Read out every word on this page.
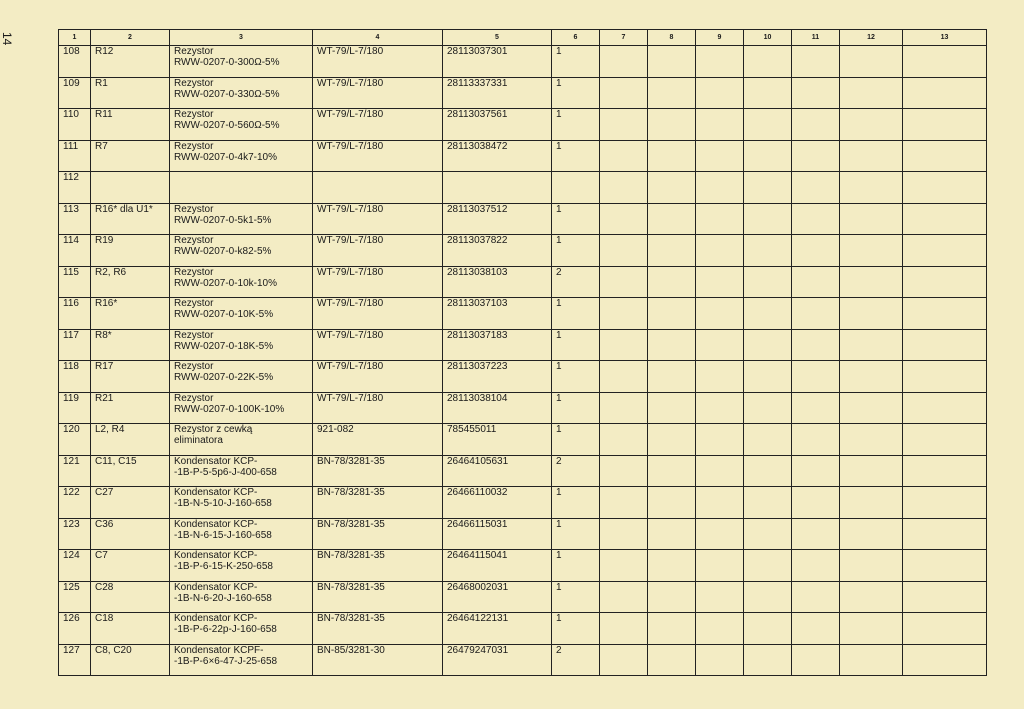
14	1	2	3	4	5	6	7	8	9	10	11	12	13
108	R12	Rezystor
RWW-0207-0-300Ω-5%	WT-79/L-7/180	28113037301	1							
109	R1	Rezystor
RWW-0207-0-330Ω-5%	WT-79/L-7/180	28113337331	1							
110	R11	Rezystor
RWW-0207-0-560Ω-5%	WT-79/L-7/180	28113037561	1							
111	R7	Rezystor
RWW-0207-0-4k7-10%	WT-79/L-7/180	28113038472	1							
112		

113	R16* dla U1*	Rezystor
RWW-0207-0-5k1-5%	WT-79/L-7/180	28113037512	1							
114	R19	Rezystor
RWW-0207-0-k82-5%	WT-79/L-7/180	28113037822	1							
115	R2, R6	Rezystor
RWW-0207-0-10k-10%	WT-79/L-7/180	28113038103	2							
116	R16*	Rezystor
RWW-0207-0-10K-5%	WT-79/L-7/180	28113037103	1							
117	R8*	Rezystor
RWW-0207-0-18K-5%	WT-79/L-7/180	28113037183	1							
118	R17	Rezystor
RWW-0207-0-22K-5%	WT-79/L-7/180	28113037223	1							
119	R21	Rezystor
RWW-0207-0-100K-10%	WT-79/L-7/180	28113038104	1							
120	L2, R4	Rezystor z cewką
eliminatora	921-082	785455011	1							
121	C11, C15	Kondensator KCP-
-1B-P-5-5p6-J-400-658	BN-78/3281-35	26464105631	2							
122	C27	Kondensator KCP-
-1B-N-5-10-J-160-658	BN-78/3281-35	26466110032	1							
123	C36	Kondensator KCP-
-1B-N-6-15-J-160-658	BN-78/3281-35	26466115031	1							
124	C7	Kondensator KCP-
-1B-P-6-15-K-250-658	BN-78/3281-35	26464115041	1							
125	C28	Kondensator KCP-
-1B-N-6-20-J-160-658	BN-78/3281-35	26468002031	1							
126	C18	Kondensator KCP-
-1B-P-6-22p-J-160-658	BN-78/3281-35	26464122131	1							
127	C8, C20	Kondensator KCPF-
-1B-P-6×6-47-J-25-658	BN-85/3281-30	26479247031	2							
